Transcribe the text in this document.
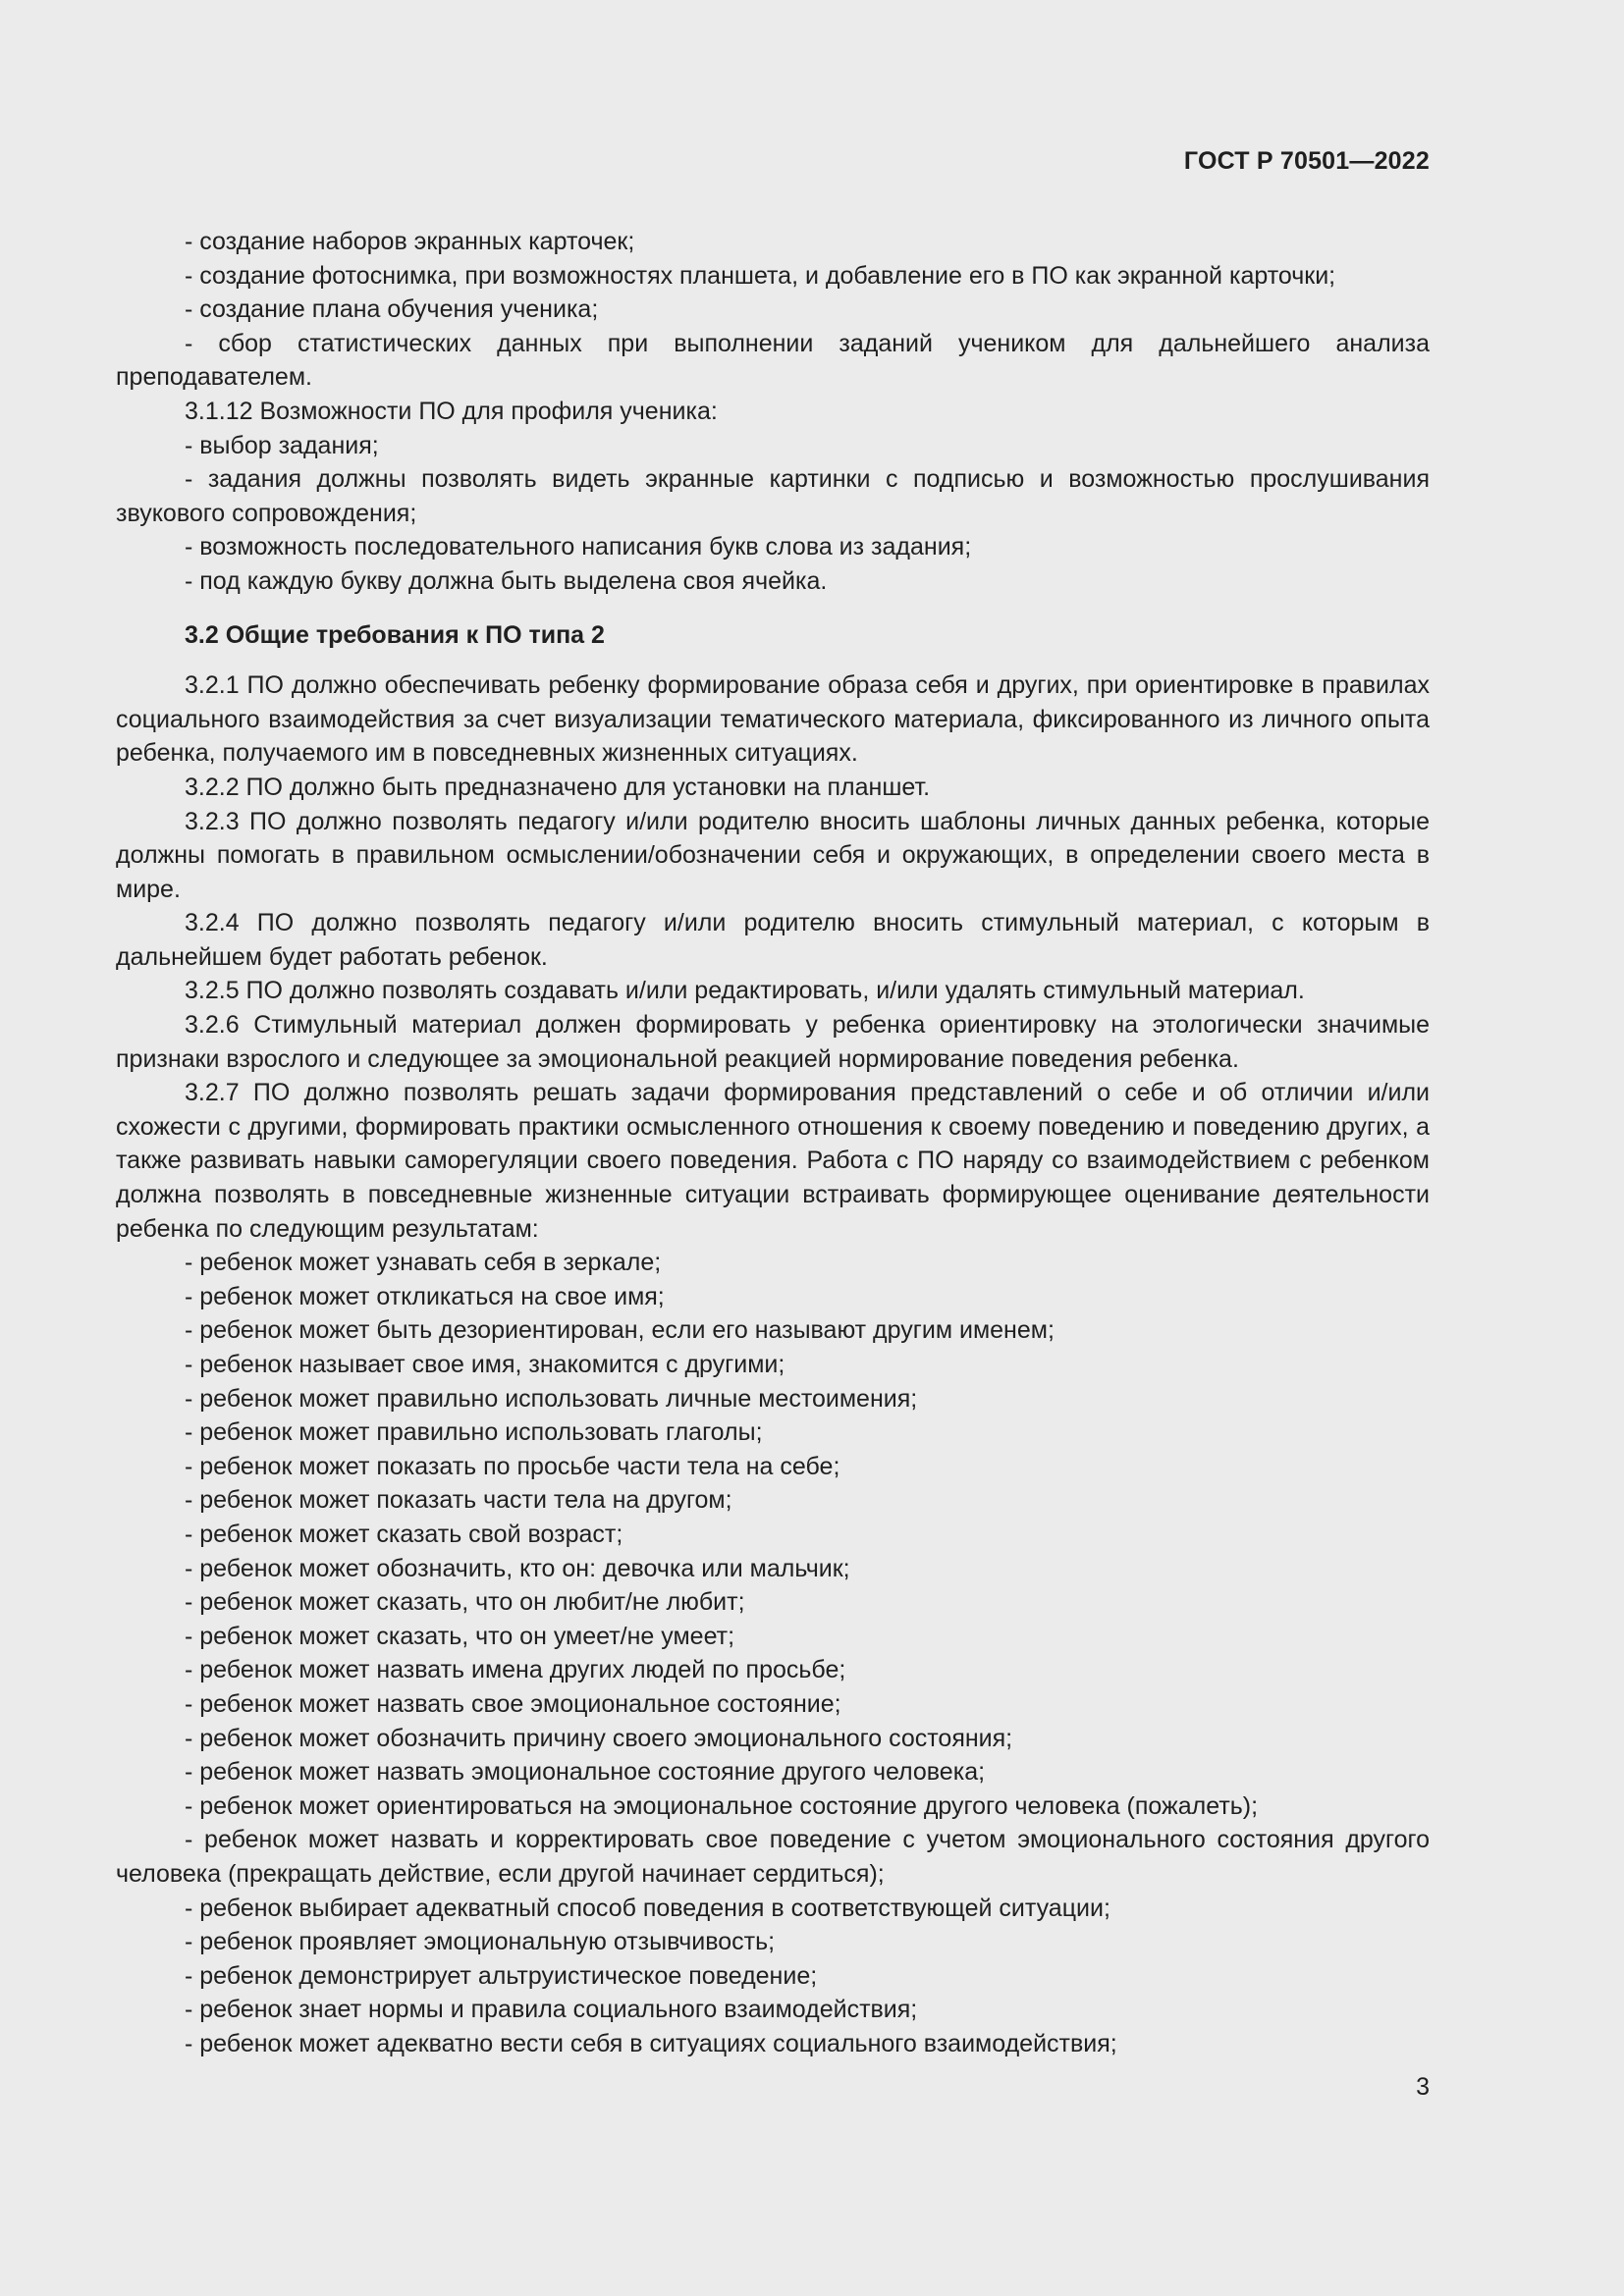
ГОСТ Р 70501—2022

- создание наборов экранных карточек;

- создание фотоснимка, при возможностях планшета, и добавление его в ПО как экранной карточки;

- создание плана обучения ученика;

- сбор статистических данных при выполнении заданий учеником для дальнейшего анализа преподавателем.

3.1.12 Возможности ПО для профиля ученика:

- выбор задания;

- задания должны позволять видеть экранные картинки с подписью и возможностью прослушивания звукового сопровождения;

- возможность последовательного написания букв слова из задания;

- под каждую букву должна быть выделена своя ячейка.

3.2 Общие требования к ПО типа 2

3.2.1 ПО должно обеспечивать ребенку формирование образа себя и других, при ориентировке в правилах социального взаимодействия за счет визуализации тематического материала, фиксированного из личного опыта ребенка, получаемого им в повседневных жизненных ситуациях.

3.2.2 ПО должно быть предназначено для установки на планшет.

3.2.3 ПО должно позволять педагогу и/или родителю вносить шаблоны личных данных ребенка, которые должны помогать в правильном осмыслении/обозначении себя и окружающих, в определении своего места в мире.

3.2.4 ПО должно позволять педагогу и/или родителю вносить стимульный материал, с которым в дальнейшем будет работать ребенок.

3.2.5 ПО должно позволять создавать и/или редактировать, и/или удалять стимульный материал.

3.2.6 Стимульный материал должен формировать у ребенка ориентировку на этологически значимые признаки взрослого и следующее за эмоциональной реакцией нормирование поведения ребенка.

3.2.7 ПО должно позволять решать задачи формирования представлений о себе и об отличии и/или схожести с другими, формировать практики осмысленного отношения к своему поведению и поведению других, а также развивать навыки саморегуляции своего поведения. Работа с ПО наряду со взаимодействием с ребенком должна позволять в повседневные жизненные ситуации встраивать формирующее оценивание деятельности ребенка по следующим результатам:

- ребенок может узнавать себя в зеркале;

- ребенок может откликаться на свое имя;

- ребенок может быть дезориентирован, если его называют другим именем;

- ребенок называет свое имя, знакомится с другими;

- ребенок может правильно использовать личные местоимения;

- ребенок может правильно использовать глаголы;

- ребенок может показать по просьбе части тела на себе;

- ребенок может показать части тела на другом;

- ребенок может сказать свой возраст;

- ребенок может обозначить, кто он: девочка или мальчик;

- ребенок может сказать, что он любит/не любит;

- ребенок может сказать, что он умеет/не умеет;

- ребенок может назвать имена других людей по просьбе;

- ребенок может назвать свое эмоциональное состояние;

- ребенок может обозначить причину своего эмоционального состояния;

- ребенок может назвать эмоциональное состояние другого человека;

- ребенок может ориентироваться на эмоциональное состояние другого человека (пожалеть);

- ребенок может назвать и корректировать свое поведение с учетом эмоционального состояния другого человека (прекращать действие, если другой начинает сердиться);

- ребенок выбирает адекватный способ поведения в соответствующей ситуации;

- ребенок проявляет эмоциональную отзывчивость;

- ребенок демонстрирует альтруистическое поведение;

- ребенок знает нормы и правила социального взаимодействия;

- ребенок может адекватно вести себя в ситуациях социального взаимодействия;

3
